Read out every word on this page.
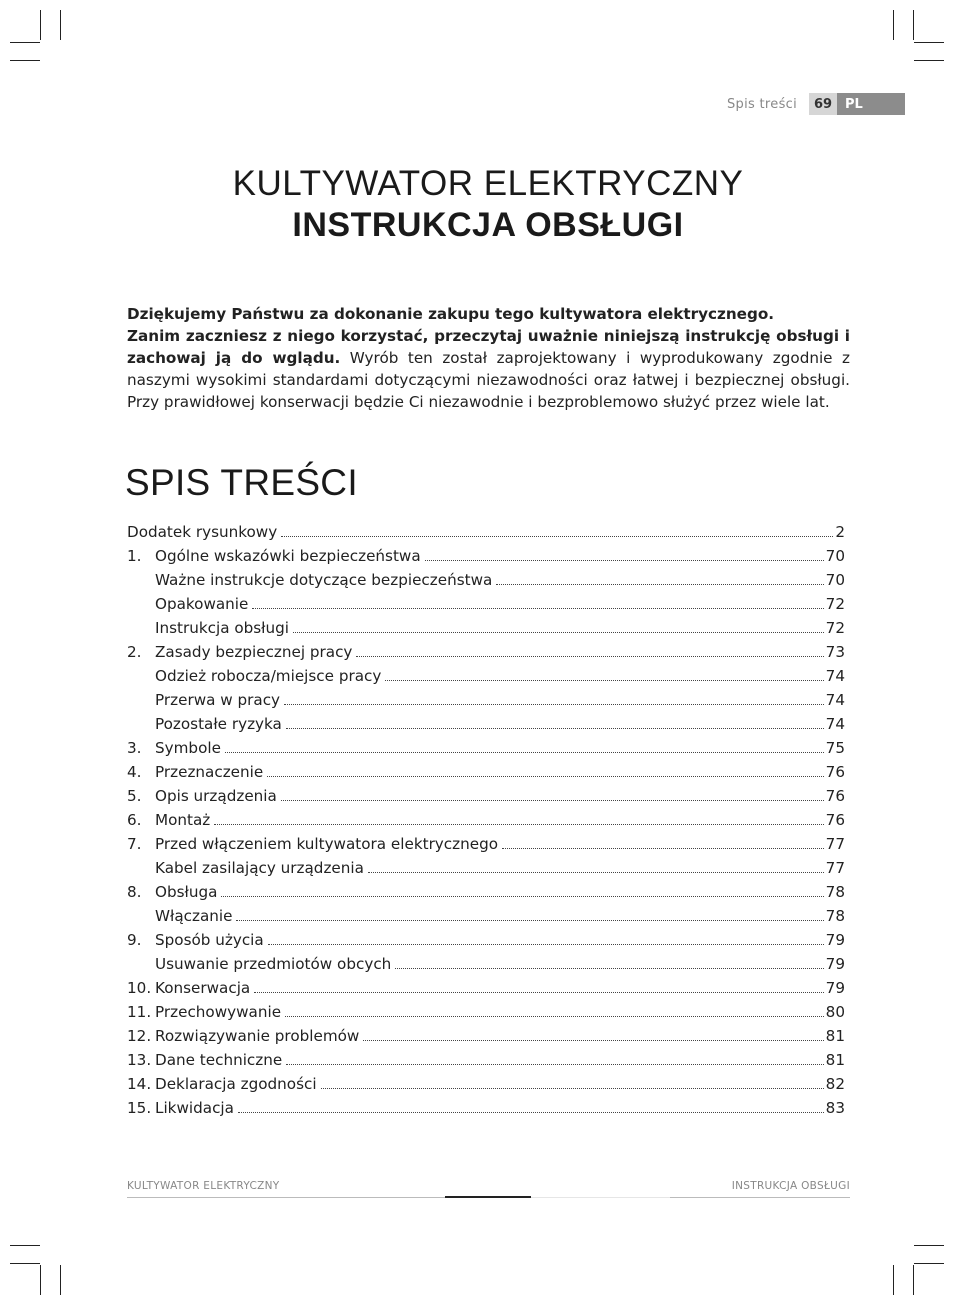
Spis treści	69 PL
KULTYWATOR ELEKTRYCZNY
INSTRUKCJA OBSŁUGI

Dziękujemy Państwu za dokonanie zakupu tego kultywatora elektrycznego.

Zanim zaczniesz z niego korzystać, przeczytaj uważnie niniejszą instrukcję obsługi i zachowaj ją do wglądu. Wyrób ten został zaprojektowany i wyprodukowany zgodnie z naszymi wysokimi standardami dotyczącymi niezawodności oraz łatwej i bezpiecznej obsługi. Przy prawidłowej konserwacji będzie Ci niezawodnie i bezproblemowo służyć przez wiele lat.

SPIS TREŚCI
Dodatek rysunkowy	2
1. Ogólne wskazówki bezpieczeństwa	70
Ważne instrukcje dotyczące bezpieczeństwa	70
Opakowanie	72
Instrukcja obsługi	72
2. Zasady bezpiecznej pracy	73
Odzież robocza/miejsce pracy	74
Przerwa w pracy	74
Pozostałe ryzyka	74
3. Symbole	75
4. Przeznaczenie	76
5. Opis urządzenia	76
6. Montaż	76
7. Przed włączeniem kultywatora elektrycznego	77
Kabel zasilający urządzenia	77
8. Obsługa	78
Włączanie	78
9. Sposób użycia	79
Usuwanie przedmiotów obcych	79
10. Konserwacja	79
11. Przechowywanie	80
12. Rozwiązywanie problemów	81
13. Dane techniczne	81
14. Deklaracja zgodności	82
15. Likwidacja	83
KULTYWATOR ELEKTRYCZNY	INSTRUKCJA OBSŁUGI
